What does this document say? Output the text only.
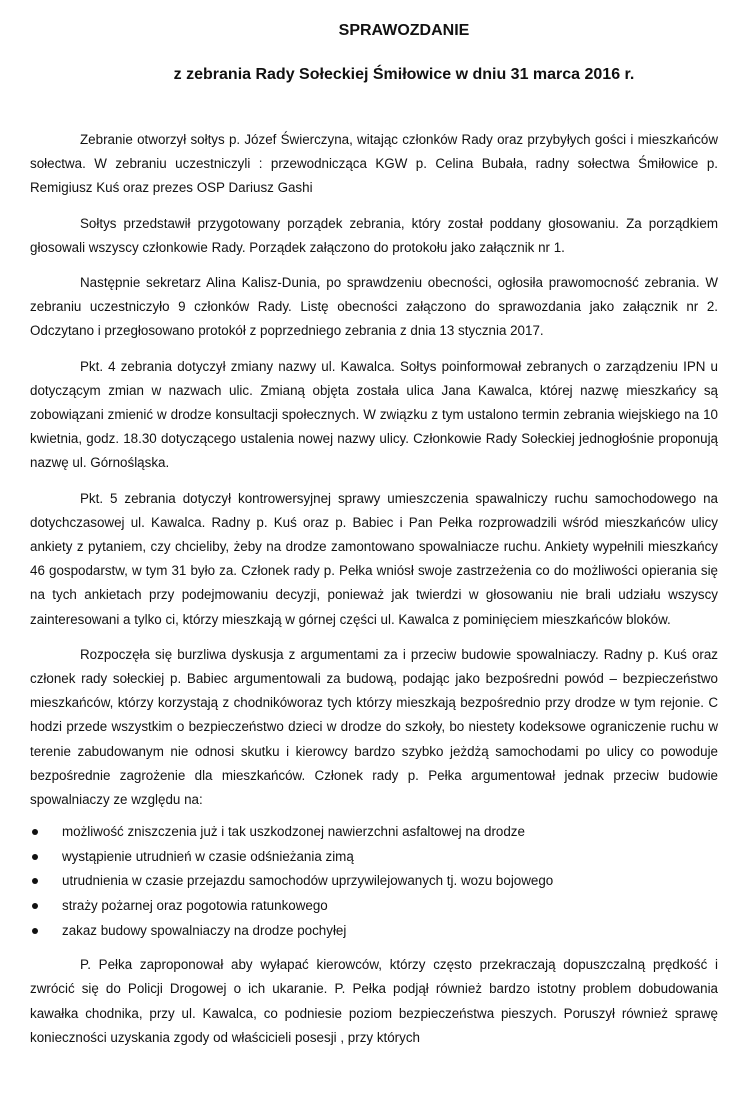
SPRAWOZDANIE
z zebrania Rady Sołeckiej Śmiłowice w dniu 31 marca 2016 r.

Zebranie otworzył sołtys p. Józef Świerczyna, witając członków Rady oraz przybyłych gości i mieszkańców sołectwa. W zebraniu uczestniczyli : przewodnicząca KGW p. Celina Bubała, radny sołectwa Śmiłowice p. Remigiusz Kuś oraz prezes OSP Dariusz Gashi

Sołtys przedstawił przygotowany porządek zebrania, który został poddany głosowaniu. Za porządkiem głosowali wszyscy członkowie Rady. Porządek załączono do protokołu jako załącznik nr 1.

Następnie sekretarz Alina Kalisz-Dunia, po sprawdzeniu obecności, ogłosiła prawomocność zebrania. W zebraniu uczestniczyło 9 członków Rady. Listę obecności załączono do sprawozdania jako załącznik nr 2. Odczytano i przegłosowano protokół z poprzedniego zebrania z dnia 13 stycznia 2017.

Pkt. 4 zebrania dotyczył zmiany nazwy ul. Kawalca. Sołtys poinformował zebranych o zarządzeniu IPN u dotyczącym zmian w nazwach ulic. Zmianą objęta została ulica Jana Kawalca, której nazwę mieszkańcy są zobowiązani zmienić w drodze konsultacji społecznych. W związku z tym ustalono termin zebrania wiejskiego na 10 kwietnia, godz. 18.30 dotyczącego ustalenia nowej nazwy ulicy. Członkowie Rady Sołeckiej jednogłośnie proponują nazwę ul. Górnośląska.

Pkt. 5 zebrania dotyczył kontrowersyjnej sprawy umieszczenia spawalniczy ruchu samochodowego na dotychczasowej ul. Kawalca. Radny p. Kuś oraz p. Babiec i Pan Pełka rozprowadzili wśród mieszkańców ulicy ankiety z pytaniem, czy chcieliby, żeby na drodze zamontowano spowalniacze ruchu. Ankiety wypełnili mieszkańcy 46 gospodarstw, w tym 31 było za. Członek rady p. Pełka wniósł swoje zastrzeżenia co do możliwości opierania się na tych ankietach przy podejmowaniu decyzji, ponieważ jak twierdzi w głosowaniu nie brali udziału wszyscy zainteresowani a tylko ci, którzy mieszkają w górnej części ul. Kawalca z pominięciem mieszkańców bloków.

Rozpoczęła się burzliwa dyskusja z argumentami za i przeciw budowie spowalniaczy. Radny p. Kuś oraz członek rady sołeckiej p. Babiec argumentowali za budową, podając jako bezpośredni powód – bezpieczeństwo mieszkańców, którzy korzystają z chodnikóworaz tych którzy mieszkają bezpośrednio przy drodze w tym rejonie. C hodzi przede wszystkim o bezpieczeństwo dzieci w drodze do szkoły, bo niestety kodeksowe ograniczenie ruchu w terenie zabudowanym nie odnosi skutku i kierowcy bardzo szybko jeżdżą samochodami po ulicy co powoduje bezpośrednie zagrożenie dla mieszkańców. Członek rady p. Pełka argumentował jednak przeciw budowie spowalniaczy ze względu na:

możliwość zniszczenia już i tak uszkodzonej nawierzchni asfaltowej na drodze
wystąpienie utrudnień w czasie odśnieżania zimą
utrudnienia w czasie przejazdu samochodów uprzywilejowanych tj. wozu bojowego
straży pożarnej oraz pogotowia ratunkowego
zakaz budowy spowalniaczy na drodze pochyłej

P. Pełka zaproponował aby wyłapać kierowców, którzy często przekraczają dopuszczalną prędkość i zwrócić się do Policji Drogowej o ich ukaranie. P. Pełka podjął również bardzo istotny problem dobudowania kawałka chodnika, przy ul. Kawalca, co podniesie poziom bezpieczeństwa pieszych. Poruszył również sprawę konieczności uzyskania zgody od właścicieli posesji , przy których
